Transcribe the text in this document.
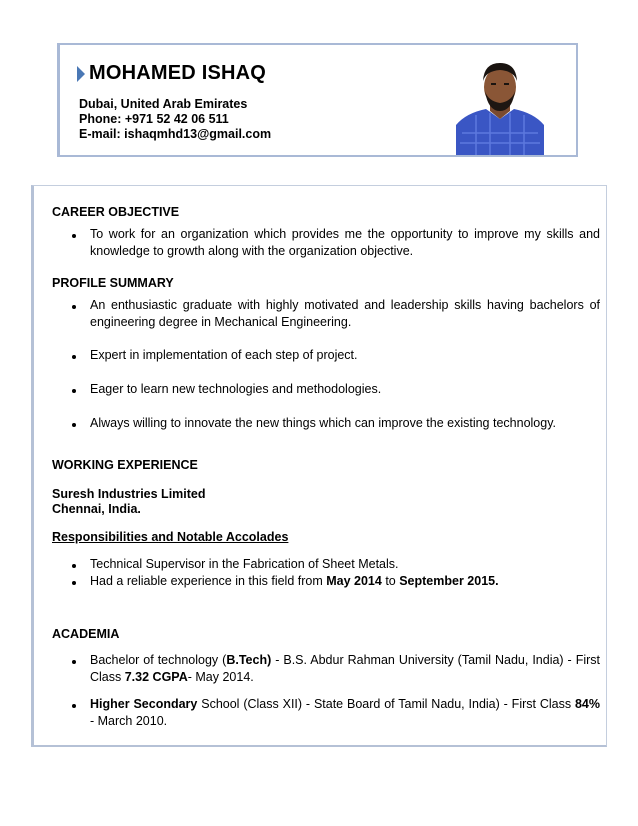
MOHAMED ISHAQ
Dubai, United Arab Emirates
Phone: +971 52 42 06 511
E-mail: ishaqmhd13@gmail.com
CAREER OBJECTIVE
To work for an organization which provides me the opportunity to improve my skills and knowledge to growth along with the organization objective.
PROFILE SUMMARY
An enthusiastic graduate with highly motivated and leadership skills having bachelors of engineering degree in Mechanical Engineering.
Expert in implementation of each step of project.
Eager to learn new technologies and methodologies.
Always willing to innovate the new things which can improve the existing technology.
WORKING EXPERIENCE
Suresh Industries Limited
Chennai, India.
Responsibilities and Notable Accolades
Technical Supervisor in the Fabrication of Sheet Metals.
Had a reliable experience in this field from May 2014 to September 2015.
ACADEMIA
Bachelor of technology (B.Tech) - B.S. Abdur Rahman University (Tamil Nadu, India) - First Class 7.32 CGPA- May 2014.
Higher Secondary School (Class XII) - State Board of Tamil Nadu, India) - First Class 84% - March 2010.
